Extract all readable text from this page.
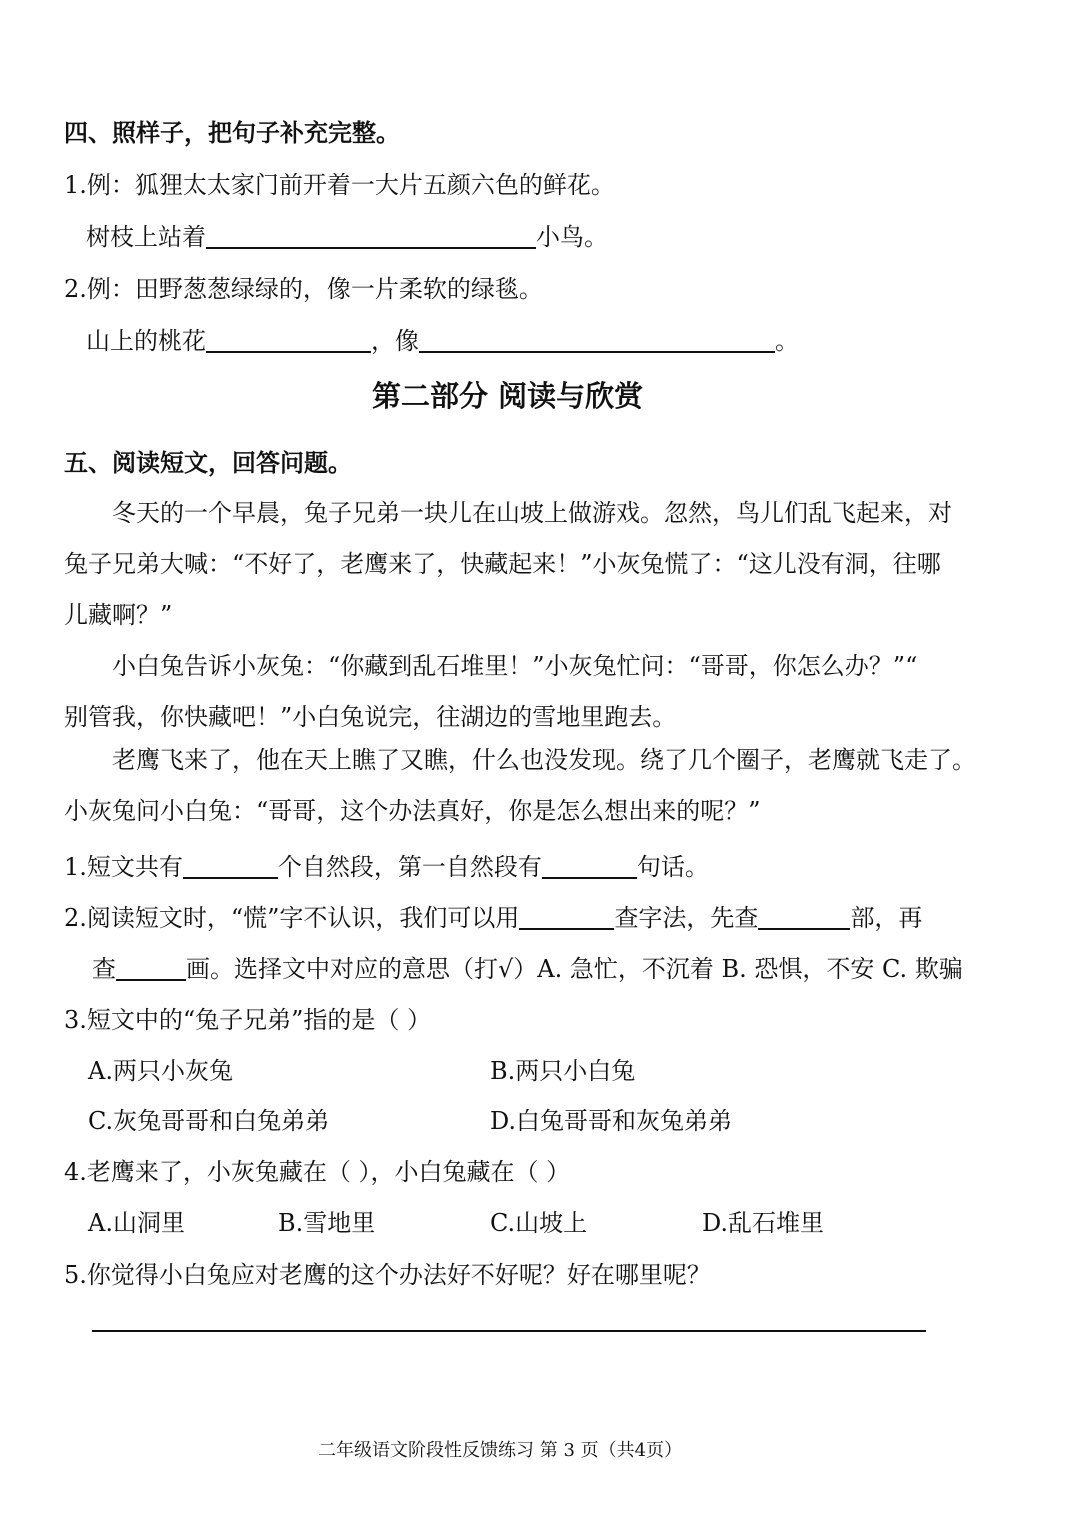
四、照样子，把句子补充完整。
1.例：狐狸太太家门前开着一大片五颜六色的鲜花。
树枝上站着	小鸟。
2.例：田野葱葱绿绿的，像一片柔软的绿毯。
山上的桃花	，像	。
第二部分 阅读与欣赏
五、阅读短文，回答问题。
冬天的一个早晨，兔子兄弟一块儿在山坡上做游戏。忽然，鸟儿们乱飞起来，对
兔子兄弟大喊：“不好了，老鹰来了，快藏起来！”小灰兔慌了：“这儿没有洞，往哪
儿藏啊？”
小白兔告诉小灰兔：“你藏到乱石堆里！”小灰兔忙问：“哥哥，你怎么办？”“
别管我，你快藏吧！”小白兔说完，往湖边的雪地里跑去。
老鹰飞来了，他在天上瞧了又瞧，什么也没发现。绕了几个圈子，老鹰就飞走了。
小灰兔问小白兔：“哥哥，这个办法真好，你是怎么想出来的呢？”
1.短文共有	个自然段，第一自然段有	句话。
2.阅读短文时，“慌”字不认识，我们可以用	查字法，先查	部，再
查	画。选择文中对应的意思（打√）A. 急忙，不沉着 B. 恐惧，不安 C. 欺骗
3.短文中的“兔子兄弟”指的是（ ）
A.两只小灰兔	B.两只小白兔
C.灰兔哥哥和白兔弟弟	D.白兔哥哥和灰兔弟弟
4.老鹰来了，小灰兔藏在（ ），小白兔藏在（ ）
A.山洞里	B.雪地里	C.山坡上	D.乱石堆里
5.你觉得小白兔应对老鹰的这个办法好不好呢？好在哪里呢？
二年级语文阶段性反馈练习 第 3 页（共4页）
